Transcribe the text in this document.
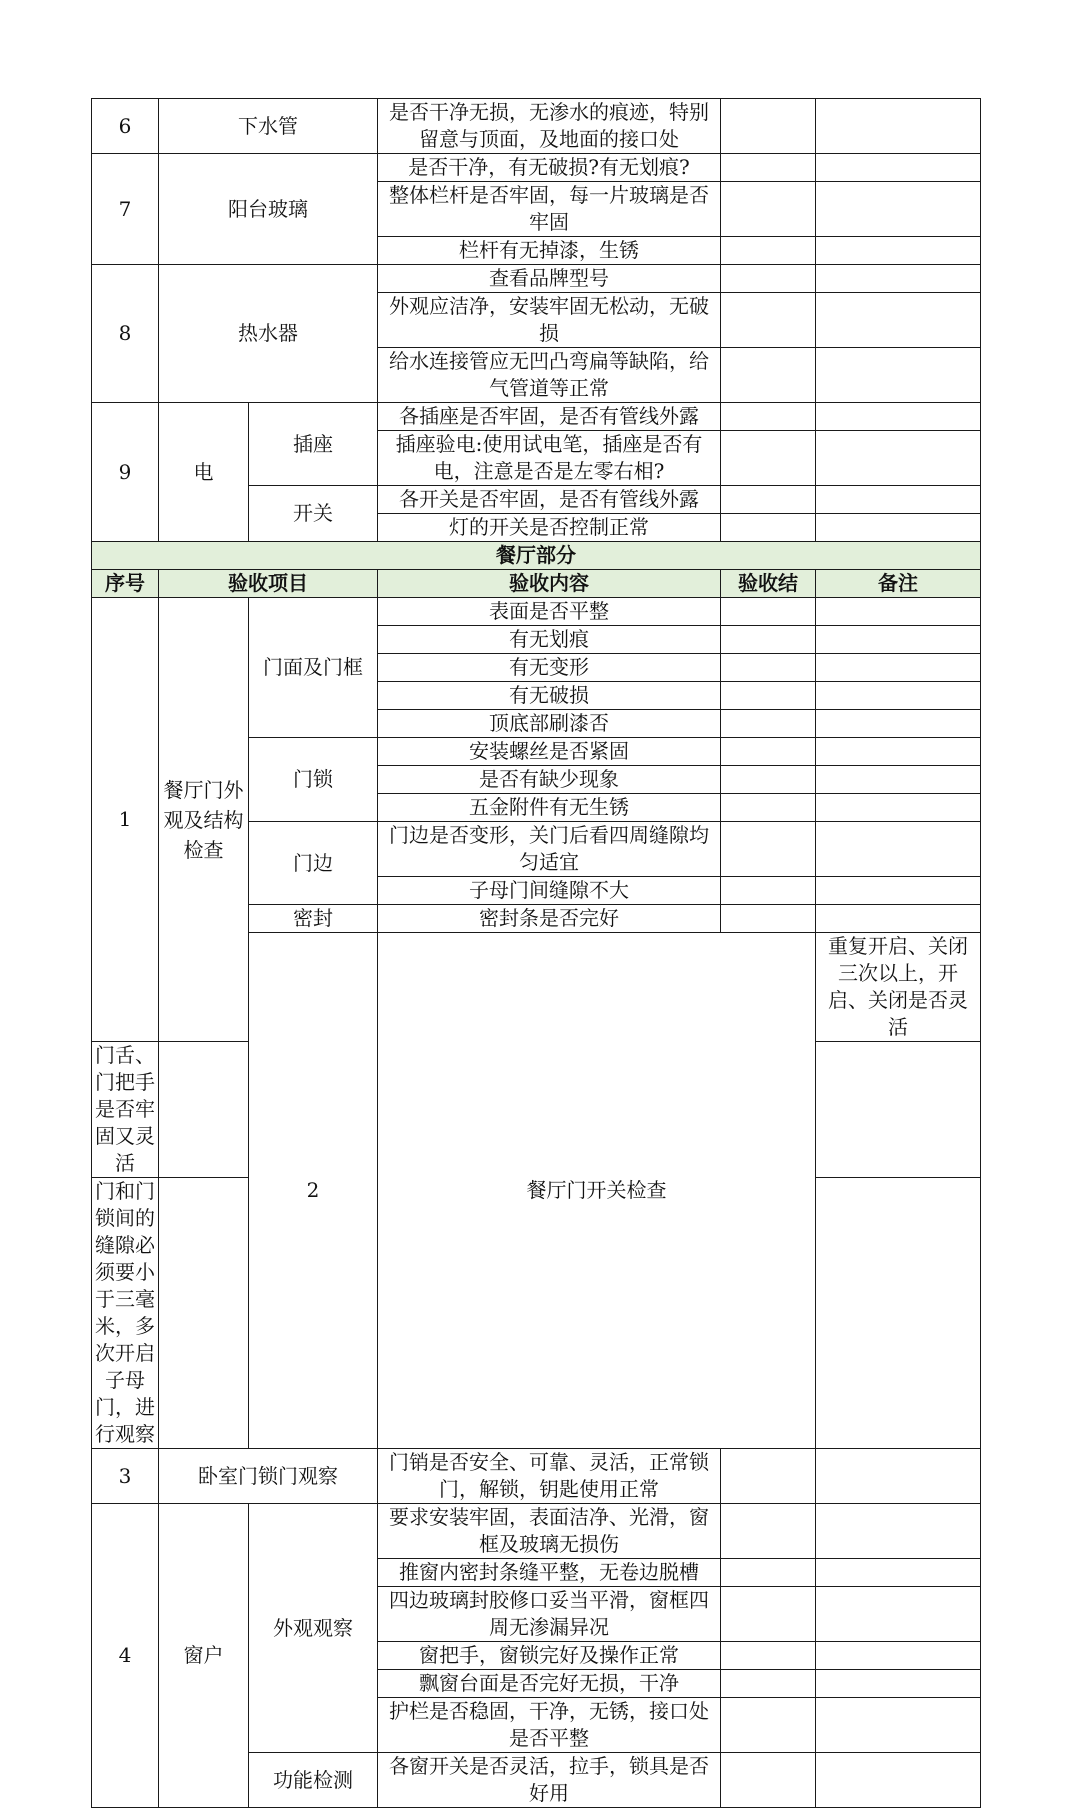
6	下水管		是否干净无损，无渗水的痕迹，特别留意与顶面，及地面的接口处			
7	阳台玻璃		是否干净，有无破损?有无划痕?			
			整体栏杆是否牢固，每一片玻璃是否牢固			
			栏杆有无掉漆，生锈			
8	热水器		查看品牌型号			
			外观应洁净，安装牢固无松动，无破损			
			给水连接管应无凹凸弯扁等缺陷，给气管道等正常			
9	电	插座	各插座是否牢固，是否有管线外露			
			插座验电:使用试电笔，插座是否有电，注意是否是左零右相?			
		开关	各开关是否牢固，是否有管线外露			
			灯的开关是否控制正常			
餐厅部分						
序号	验收项目		验收内容	验收结	备注	
1	餐厅门外观及结构检查	门面及门框	表面是否平整			
			有无划痕			
			有无变形			
			有无破损			
			顶底部刷漆否			
		门锁	安装螺丝是否紧固			
			是否有缺少现象			
			五金附件有无生锈			
		门边	门边是否变形，关门后看四周缝隙均匀适宜			
			子母门间缝隙不大			
		密封	密封条是否完好			
		2	餐厅门开关检查		重复开启、关闭三次以上，开启、关闭是否灵活		
门舌、门把手是否牢固又灵活						
门和门锁间的缝隙必须要小于三毫米，多次开启子母门，进行观察						
3	卧室门锁门观察		门销是否安全、可靠、灵活，正常锁门，解锁，钥匙使用正常			
4	窗户	外观观察	要求安装牢固，表面洁净、光滑，窗框及玻璃无损伤			
			推窗内密封条缝平整，无卷边脱槽			
			四边玻璃封胶修口妥当平滑，窗框四周无渗漏异况			
			窗把手，窗锁完好及操作正常			
			飘窗台面是否完好无损，干净			
			护栏是否稳固，干净，无锈，接口处是否平整			

		功能检测	各窗开关是否灵活，拉手，锁具是否好用			
